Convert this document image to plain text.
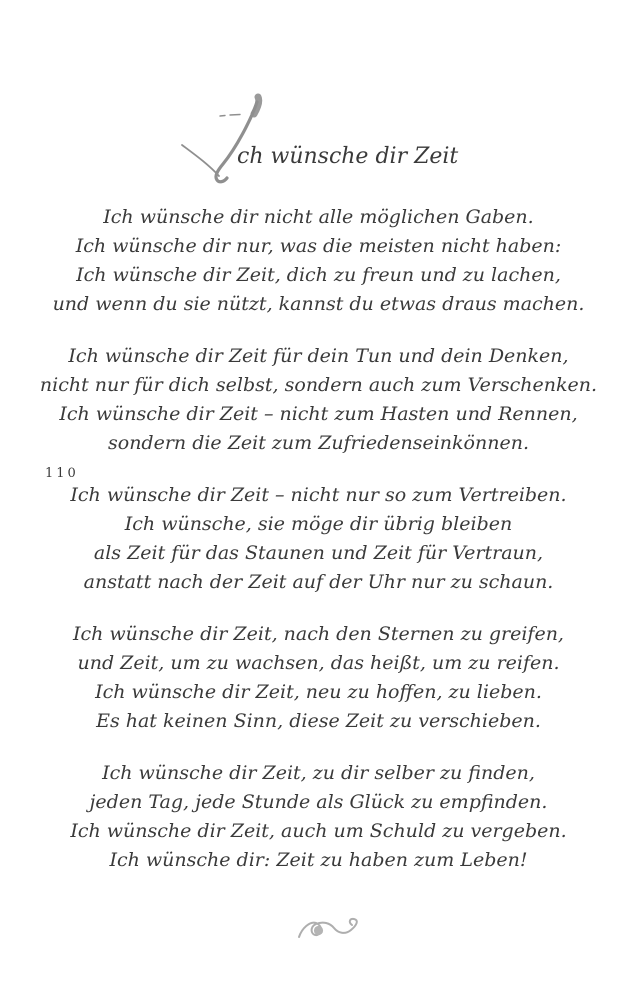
110
ch wünsche dir Zeit
Ich wünsche dir nicht alle möglichen Gaben.
Ich wünsche dir nur, was die meisten nicht haben:
Ich wünsche dir Zeit, dich zu freun und zu lachen,
und wenn du sie nützt, kannst du etwas draus machen.
Ich wünsche dir Zeit für dein Tun und dein Denken,
nicht nur für dich selbst, sondern auch zum Verschenken.
Ich wünsche dir Zeit – nicht zum Hasten und Rennen,
sondern die Zeit zum Zufriedenseinkönnen.
Ich wünsche dir Zeit – nicht nur so zum Vertreiben.
Ich wünsche, sie möge dir übrig bleiben
als Zeit für das Staunen und Zeit für Vertraun,
anstatt nach der Zeit auf der Uhr nur zu schaun.
Ich wünsche dir Zeit, nach den Sternen zu greifen,
und Zeit, um zu wachsen, das heißt, um zu reifen.
Ich wünsche dir Zeit, neu zu hoffen, zu lieben.
Es hat keinen Sinn, diese Zeit zu verschieben.
Ich wünsche dir Zeit, zu dir selber zu finden,
jeden Tag, jede Stunde als Glück zu empfinden.
Ich wünsche dir Zeit, auch um Schuld zu vergeben.
Ich wünsche dir: Zeit zu haben zum Leben!
